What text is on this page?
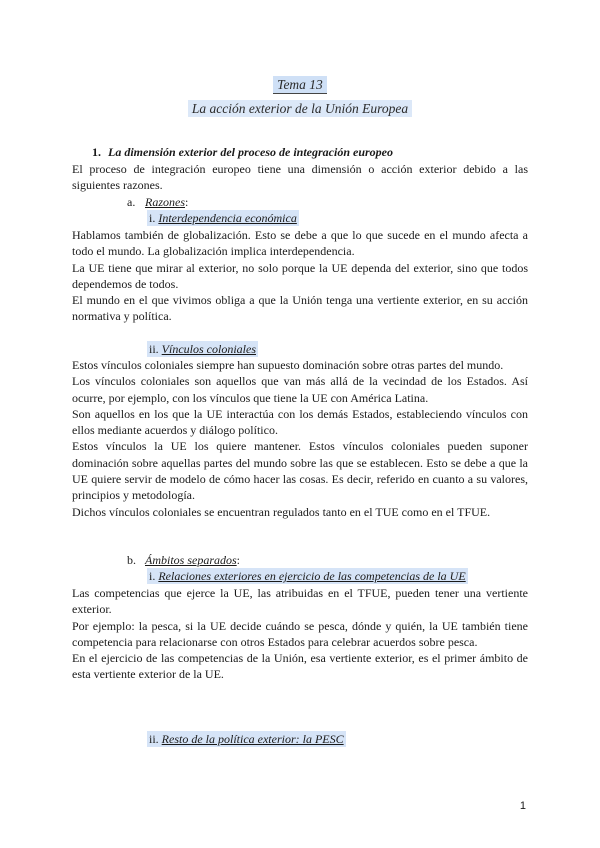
Tema 13
La acción exterior de la Unión Europea
1. La dimensión exterior del proceso de integración europeo

El proceso de integración europeo tiene una dimensión o acción exterior debido a las siguientes razones.

a. Razones:
i. Interdependencia económica

Hablamos también de globalización. Esto se debe a que lo que sucede en el mundo afecta a todo el mundo. La globalización implica interdependencia.

La UE tiene que mirar al exterior, no solo porque la UE dependa del exterior, sino que todos dependemos de todos.

El mundo en el que vivimos obliga a que la Unión tenga una vertiente exterior, en su acción normativa y política.

ii. Vínculos coloniales

Estos vínculos coloniales siempre han supuesto dominación sobre otras partes del mundo.

Los vínculos coloniales son aquellos que van más allá de la vecindad de los Estados. Así ocurre, por ejemplo, con los vínculos que tiene la UE con América Latina.

Son aquellos en los que la UE interactúa con los demás Estados, estableciendo vínculos con ellos mediante acuerdos y diálogo político.

Estos vínculos la UE los quiere mantener. Estos vínculos coloniales pueden suponer dominación sobre aquellas partes del mundo sobre las que se establecen. Esto se debe a que la UE quiere servir de modelo de cómo hacer las cosas. Es decir, referido en cuanto a su valores, principios y metodología.

Dichos vínculos coloniales se encuentran regulados tanto en el TUE como en el TFUE.

b. Ámbitos separados:
i. Relaciones exteriores en ejercicio de las competencias de la UE

Las competencias que ejerce la UE, las atribuidas en el TFUE, pueden tener una vertiente exterior.

Por ejemplo: la pesca, si la UE decide cuándo se pesca, dónde y quién, la UE también tiene competencia para relacionarse con otros Estados para celebrar acuerdos sobre pesca.

En el ejercicio de las competencias de la Unión, esa vertiente exterior, es el primer ámbito de esta vertiente exterior de la UE.

ii. Resto de la política exterior: la PESC
1
